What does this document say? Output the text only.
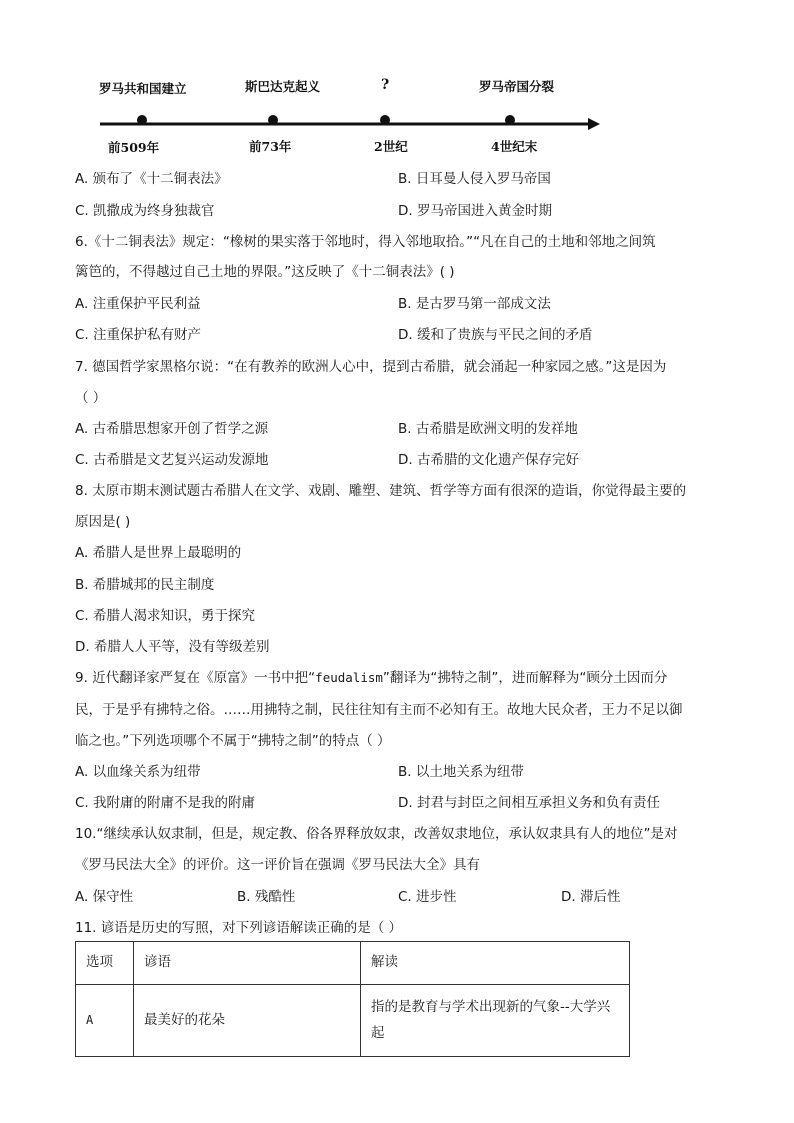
罗马共和国建立	斯巴达克起义	?	罗马帝国分裂
前509年	前73年	2世纪	4世纪末
A. 颁布了《十二铜表法》	B. 日耳曼人侵入罗马帝国
C. 凯撒成为终身独裁官	D. 罗马帝国进入黄金时期
6.《十二铜表法》规定：“橡树的果实落于邻地时，得入邻地取拾。”“凡在自己的土地和邻地之间筑
篱笆的，不得越过自己土地的界限。”这反映了《十二铜表法》( )
A. 注重保护平民利益	B. 是古罗马第一部成文法
C. 注重保护私有财产	D. 缓和了贵族与平民之间的矛盾
7. 德国哲学家黑格尔说：“在有教养的欧洲人心中，提到古希腊，就会涌起一种家园之感。”这是因为
（ ）
A. 古希腊思想家开创了哲学之源	B. 古希腊是欧洲文明的发祥地
C. 古希腊是文艺复兴运动发源地	D. 古希腊的文化遗产保存完好
8. 太原市期末测试题古希腊人在文学、戏剧、雕塑、建筑、哲学等方面有很深的造诣，你觉得最主要的
原因是( )
A. 希腊人是世界上最聪明的
B. 希腊城邦的民主制度
C. 希腊人渴求知识，勇于探究
D. 希腊人人平等，没有等级差别
9. 近代翻译家严复在《原富》一书中把“feudalism”翻译为“拂特之制”，进而解释为“顾分土因而分
民，于是乎有拂特之俗。……用拂特之制，民往往知有主而不必知有王。故地大民众者，王力不足以御
临之也。”下列选项哪个不属于“拂特之制”的特点（ ）
A. 以血缘关系为纽带	B. 以土地关系为纽带
C. 我附庸的附庸不是我的附庸	D. 封君与封臣之间相互承担义务和负有责任
10.“继续承认奴隶制，但是，规定教、俗各界释放奴隶，改善奴隶地位，承认奴隶具有人的地位”是对
《罗马民法大全》的评价。这一评价旨在强调《罗马民法大全》具有
A. 保守性	B. 残酷性	C. 进步性	D. 滞后性
11. 谚语是历史的写照，对下列谚语解读正确的是（ ）
选项	谚语	解读
A	最美好的花朵	指的是教育与学术出现新的气象--大学兴
起
